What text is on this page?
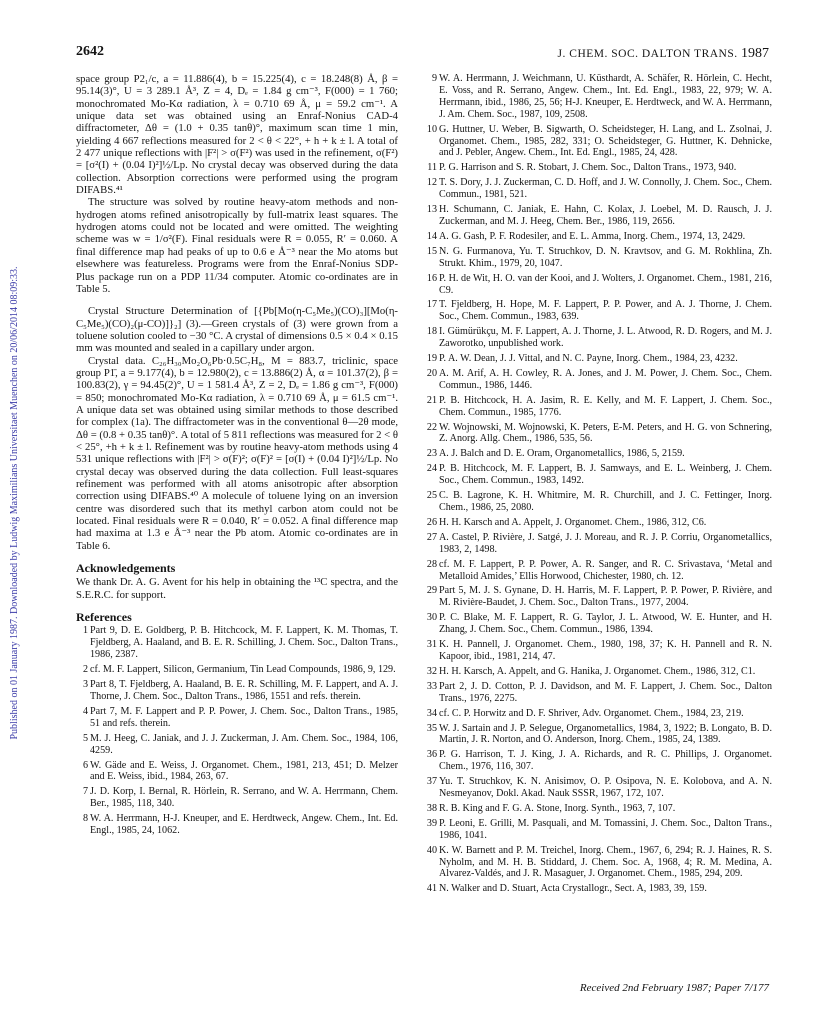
2642	J. CHEM. SOC. DALTON TRANS. 1987
Published on 01 January 1987. Downloaded by Ludwig Maximilians Universitaet Muenchen on 20/06/2014 08:09:33.

space group P2₁/c, a = 11.886(4), b = 15.225(4), c = 18.248(8) Å, β = 95.14(3)°, U = 3 289.1 Å³, Z = 4, Dₑ = 1.84 g cm⁻³, F(000) = 1 760; monochromated Mo-Kα radiation, λ = 0.710 69 Å, μ = 59.2 cm⁻¹. A unique data set was obtained using an Enraf-Nonius CAD-4 diffractometer, Δθ = (1.0 + 0.35 tanθ)°, maximum scan time 1 min, yielding 4 667 reflections measured for 2 < θ < 22°, + h + k ± l. A total of 2 477 unique reflections with |F²| > σ(F²) was used in the refinement, σ(F²) = [σ²(I) + (0.04 I)²]½/Lp. No crystal decay was observed during the data collection. Absorption corrections were performed using the program DIFABS.⁴¹

The structure was solved by routine heavy-atom methods and non-hydrogen atoms refined anisotropically by full-matrix least squares. The hydrogen atoms could not be located and were omitted. The weighting scheme was w = 1/σ²(F). Final residuals were R = 0.055, R′ = 0.060. A final difference map had peaks of up to 0.6 e Å⁻³ near the Mo atoms but elsewhere was featureless. Programs were from the Enraf-Nonius SDP-Plus package run on a PDP 11/34 computer. Atomic co-ordinates are in Table 5.

Crystal Structure Determination of [{Pb[Mo(η-C₅Me₅)(CO)₃][Mo(η-C₅Me₅)(CO)₂(μ-CO)]}₂] (3).—Green crystals of (3) were grown from a toluene solution cooled to −30 °C. A crystal of dimensions 0.5 × 0.4 × 0.15 mm was mounted and sealed in a capillary under argon.

Crystal data. C₂₆H₃₀Mo₂O₆Pb·0.5C₇H₈, M = 883.7, triclinic, space group P1̄, a = 9.177(4), b = 12.980(2), c = 13.886(2) Å, α = 101.37(2), β = 100.83(2), γ = 94.45(2)°, U = 1 581.4 Å³, Z = 2, Dₑ = 1.86 g cm⁻³, F(000) = 850; monochromated Mo-Kα radiation, λ = 0.710 69 Å, μ = 61.5 cm⁻¹. A unique data set was obtained using similar methods to those described for complex (1a). The diffractometer was in the conventional θ—2θ mode, Δθ = (0.8 + 0.35 tanθ)°. A total of 5 811 reflections was measured for 2 < θ < 25°, +h + k ± l. Refinement was by routine heavy-atom methods using 4 531 unique reflections with |F²| > σ(F)²; σ(F)² = [σ(I) + (0.04 I)²]½/Lp. No crystal decay was observed during the data collection. Full least-squares refinement was performed with all atoms anisotropic after absorption correction using DIFABS.⁴⁰ A molecule of toluene lying on an inversion centre was disordered such that its methyl carbon atom could not be located. Final residuals were R = 0.040, R′ = 0.052. A final difference map had maxima at 1.3 e Å⁻³ near the Pb atom. Atomic co-ordinates are in Table 6.

Acknowledgements

We thank Dr. A. G. Avent for his help in obtaining the ¹³C spectra, and the S.E.R.C. for support.

References
1 Part 9, D. E. Goldberg, P. B. Hitchcock, M. F. Lappert, K. M. Thomas, T. Fjeldberg, A. Haaland, and B. E. R. Schilling, J. Chem. Soc., Dalton Trans., 1986, 2387.
2 cf. M. F. Lappert, Silicon, Germanium, Tin Lead Compounds, 1986, 9, 129.
3 Part 8, T. Fjeldberg, A. Haaland, B. E. R. Schilling, M. F. Lappert, and A. J. Thorne, J. Chem. Soc., Dalton Trans., 1986, 1551 and refs. therein.
4 Part 7, M. F. Lappert and P. P. Power, J. Chem. Soc., Dalton Trans., 1985, 51 and refs. therein.
5 M. J. Heeg, C. Janiak, and J. J. Zuckerman, J. Am. Chem. Soc., 1984, 106, 4259.
6 W. Gäde and E. Weiss, J. Organomet. Chem., 1981, 213, 451; D. Melzer and E. Weiss, ibid., 1984, 263, 67.
7 J. D. Korp, I. Bernal, R. Hörlein, R. Serrano, and W. A. Herrmann, Chem. Ber., 1985, 118, 340.
8 W. A. Herrmann, H-J. Kneuper, and E. Herdtweck, Angew. Chem., Int. Ed. Engl., 1985, 24, 1062.
9 W. A. Herrmann, J. Weichmann, U. Küsthardt, A. Schäfer, R. Hörlein, C. Hecht, E. Voss, and R. Serrano, Angew. Chem., Int. Ed. Engl., 1983, 22, 979; W. A. Herrmann, ibid., 1986, 25, 56; H-J. Kneuper, E. Herdtweck, and W. A. Herrmann, J. Am. Chem. Soc., 1987, 109, 2508.
10 G. Huttner, U. Weber, B. Sigwarth, O. Scheidsteger, H. Lang, and L. Zsolnai, J. Organomet. Chem., 1985, 282, 331; O. Scheidsteger, G. Huttner, K. Dehnicke, and J. Pebler, Angew. Chem., Int. Ed. Engl., 1985, 24, 428.
11 P. G. Harrison and S. R. Stobart, J. Chem. Soc., Dalton Trans., 1973, 940.
12 T. S. Dory, J. J. Zuckerman, C. D. Hoff, and J. W. Connolly, J. Chem. Soc., Chem. Commun., 1981, 521.
13 H. Schumann, C. Janiak, E. Hahn, C. Kolax, J. Loebel, M. D. Rausch, J. J. Zuckerman, and M. J. Heeg, Chem. Ber., 1986, 119, 2656.
14 A. G. Gash, P. F. Rodesiler, and E. L. Amma, Inorg. Chem., 1974, 13, 2429.
15 N. G. Furmanova, Yu. T. Struchkov, D. N. Kravtsov, and G. M. Rokhlina, Zh. Strukt. Khim., 1979, 20, 1047.
16 P. H. de Wit, H. O. van der Kooi, and J. Wolters, J. Organomet. Chem., 1981, 216, C9.
17 T. Fjeldberg, H. Hope, M. F. Lappert, P. P. Power, and A. J. Thorne, J. Chem. Soc., Chem. Commun., 1983, 639.
18 I. Gümürükçu, M. F. Lappert, A. J. Thorne, J. L. Atwood, R. D. Rogers, and M. J. Zaworotko, unpublished work.
19 P. A. W. Dean, J. J. Vittal, and N. C. Payne, Inorg. Chem., 1984, 23, 4232.
20 A. M. Arif, A. H. Cowley, R. A. Jones, and J. M. Power, J. Chem. Soc., Chem. Commun., 1986, 1446.
21 P. B. Hitchcock, H. A. Jasim, R. E. Kelly, and M. F. Lappert, J. Chem. Soc., Chem. Commun., 1985, 1776.
22 W. Wojnowski, M. Wojnowski, K. Peters, E-M. Peters, and H. G. von Schnering, Z. Anorg. Allg. Chem., 1986, 535, 56.
23 A. J. Balch and D. E. Oram, Organometallics, 1986, 5, 2159.
24 P. B. Hitchcock, M. F. Lappert, B. J. Samways, and E. L. Weinberg, J. Chem. Soc., Chem. Commun., 1983, 1492.
25 C. B. Lagrone, K. H. Whitmire, M. R. Churchill, and J. C. Fettinger, Inorg. Chem., 1986, 25, 2080.
26 H. H. Karsch and A. Appelt, J. Organomet. Chem., 1986, 312, C6.
27 A. Castel, P. Rivière, J. Satgé, J. J. Moreau, and R. J. P. Corriu, Organometallics, 1983, 2, 1498.
28 cf. M. F. Lappert, P. P. Power, A. R. Sanger, and R. C. Srivastava, ‘Metal and Metalloid Amides,’ Ellis Horwood, Chichester, 1980, ch. 12.
29 Part 5, M. J. S. Gynane, D. H. Harris, M. F. Lappert, P. P. Power, P. Rivière, and M. Rivière-Baudet, J. Chem. Soc., Dalton Trans., 1977, 2004.
30 P. C. Blake, M. F. Lappert, R. G. Taylor, J. L. Atwood, W. E. Hunter, and H. Zhang, J. Chem. Soc., Chem. Commun., 1986, 1394.
31 K. H. Pannell, J. Organomet. Chem., 1980, 198, 37; K. H. Pannell and R. N. Kapoor, ibid., 1981, 214, 47.
32 H. H. Karsch, A. Appelt, and G. Hanika, J. Organomet. Chem., 1986, 312, C1.
33 Part 2, J. D. Cotton, P. J. Davidson, and M. F. Lappert, J. Chem. Soc., Dalton Trans., 1976, 2275.
34 cf. C. P. Horwitz and D. F. Shriver, Adv. Organomet. Chem., 1984, 23, 219.
35 W. J. Sartain and J. P. Selegue, Organometallics, 1984, 3, 1922; B. Longato, B. D. Martin, J. R. Norton, and O. Anderson, Inorg. Chem., 1985, 24, 1389.
36 P. G. Harrison, T. J. King, J. A. Richards, and R. C. Phillips, J. Organomet. Chem., 1976, 116, 307.
37 Yu. T. Struchkov, K. N. Anisimov, O. P. Osipova, N. E. Kolobova, and A. N. Nesmeyanov, Dokl. Akad. Nauk SSSR, 1967, 172, 107.
38 R. B. King and F. G. A. Stone, Inorg. Synth., 1963, 7, 107.
39 P. Leoni, E. Grilli, M. Pasquali, and M. Tomassini, J. Chem. Soc., Dalton Trans., 1986, 1041.
40 K. W. Barnett and P. M. Treichel, Inorg. Chem., 1967, 6, 294; R. J. Haines, R. S. Nyholm, and M. H. B. Stiddard, J. Chem. Soc. A, 1968, 4; R. M. Medina, A. Alvarez-Valdés, and J. R. Masaguer, J. Organomet. Chem., 1985, 294, 209.
41 N. Walker and D. Stuart, Acta Crystallogr., Sect. A, 1983, 39, 159.
Received 2nd February 1987; Paper 7/177
